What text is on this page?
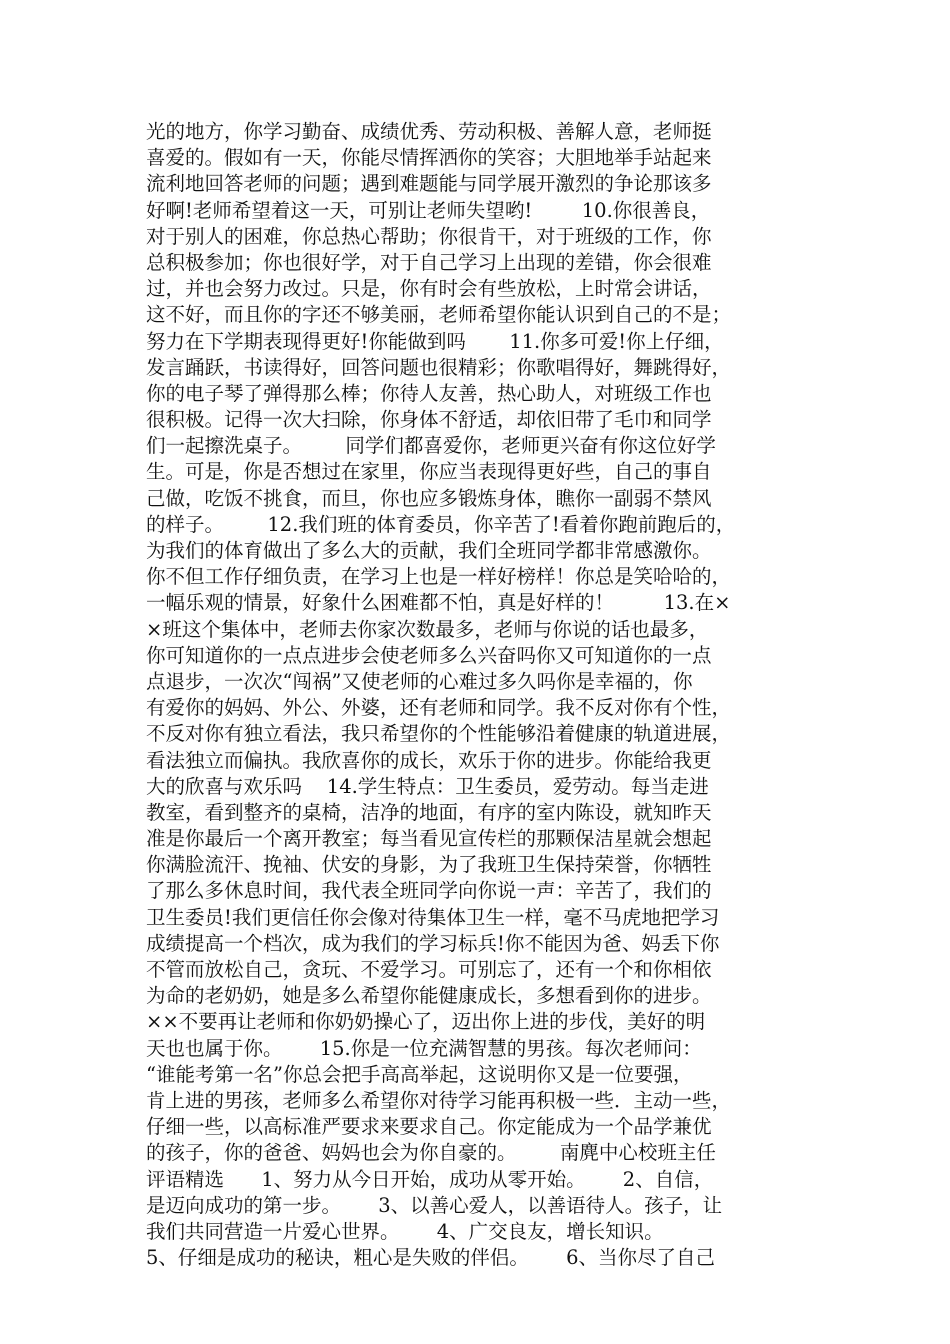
光的地方，你学习勤奋、成绩优秀、劳动积极、善解人意，老师挺
喜爱的。假如有一天，你能尽情挥洒你的笑容；大胆地举手站起来
流利地回答老师的问题；遇到难题能与同学展开激烈的争论那该多
好啊!老师希望着这一天，可别让老师失望哟!        10.你很善良，
对于别人的困难，你总热心帮助；你很肯干，对于班级的工作，你
总积极参加；你也很好学，对于自己学习上出现的差错，你会很难
过，并也会努力改过。只是，你有时会有些放松，上时常会讲话，
这不好，而且你的字还不够美丽，老师希望你能认识到自己的不是；
努力在下学期表现得更好!你能做到吗       11.你多可爱!你上仔细，
发言踊跃，书读得好，回答问题也很精彩；你歌唱得好，舞跳得好，
你的电子琴了弹得那么棒；你待人友善，热心助人，对班级工作也
很积极。记得一次大扫除，你身体不舒适，却依旧带了毛巾和同学
们一起擦洗桌子。       同学们都喜爱你，老师更兴奋有你这位好学
生。可是，你是否想过在家里，你应当表现得更好些，自己的事自
己做，吃饭不挑食，而旦，你也应多锻炼身体，瞧你一副弱不禁风
的样子。       12.我们班的体育委员，你辛苦了!看着你跑前跑后的，
为我们的体育做出了多么大的贡献，我们全班同学都非常感激你。
你不但工作仔细负责，在学习上也是一样好榜样！你总是笑哈哈的，
一幅乐观的情景，好象什么困难都不怕，真是好样的！        13.在×
×班这个集体中，老师去你家次数最多，老师与你说的话也最多，
你可知道你的一点点进步会使老师多么兴奋吗你又可知道你的一点
点退步，一次次“闯祸”又使老师的心难过多久吗你是幸福的，你
有爱你的妈妈、外公、外婆，还有老师和同学。我不反对你有个性，
不反对你有独立看法，我只希望你的个性能够沿着健康的轨道进展，
看法独立而偏执。我欣喜你的成长，欢乐于你的进步。你能给我更
大的欣喜与欢乐吗    14.学生特点：卫生委员，爱劳动。每当走进
教室，看到整齐的桌椅，洁净的地面，有序的室内陈设，就知昨天
准是你最后一个离开教室；每当看见宣传栏的那颗保洁星就会想起
你满脸流汗、挽袖、伏安的身影，为了我班卫生保持荣誉，你牺牲
了那么多休息时间，我代表全班同学向你说一声：辛苦了，我们的
卫生委员!我们更信任你会像对待集体卫生一样，毫不马虎地把学习
成绩提高一个档次，成为我们的学习标兵!你不能因为爸、妈丢下你
不管而放松自己，贪玩、不爱学习。可别忘了，还有一个和你相依
为命的老奶奶，她是多么希望你能健康成长，多想看到你的进步。
××不要再让老师和你奶奶操心了，迈出你上进的步伐，美好的明
天也也属于你。      15.你是一位充满智慧的男孩。每次老师问：
“谁能考第一名”你总会把手高高举起，这说明你又是一位要强，
肯上进的男孩，老师多么希望你对待学习能再积极一些．主动一些，
仔细一些，以高标准严要求来要求自己。你定能成为一个品学兼优
的孩子，你的爸爸、妈妈也会为你自豪的。       南麂中心校班主任
评语精选      1、努力从今日开始，成功从零开始。      2、自信，
是迈向成功的第一步。      3、以善心爱人，以善语待人。孩子，让
我们共同营造一片爱心世界。      4、广交良友，增长知识。
5、仔细是成功的秘诀，粗心是失败的伴侣。      6、当你尽了自己
